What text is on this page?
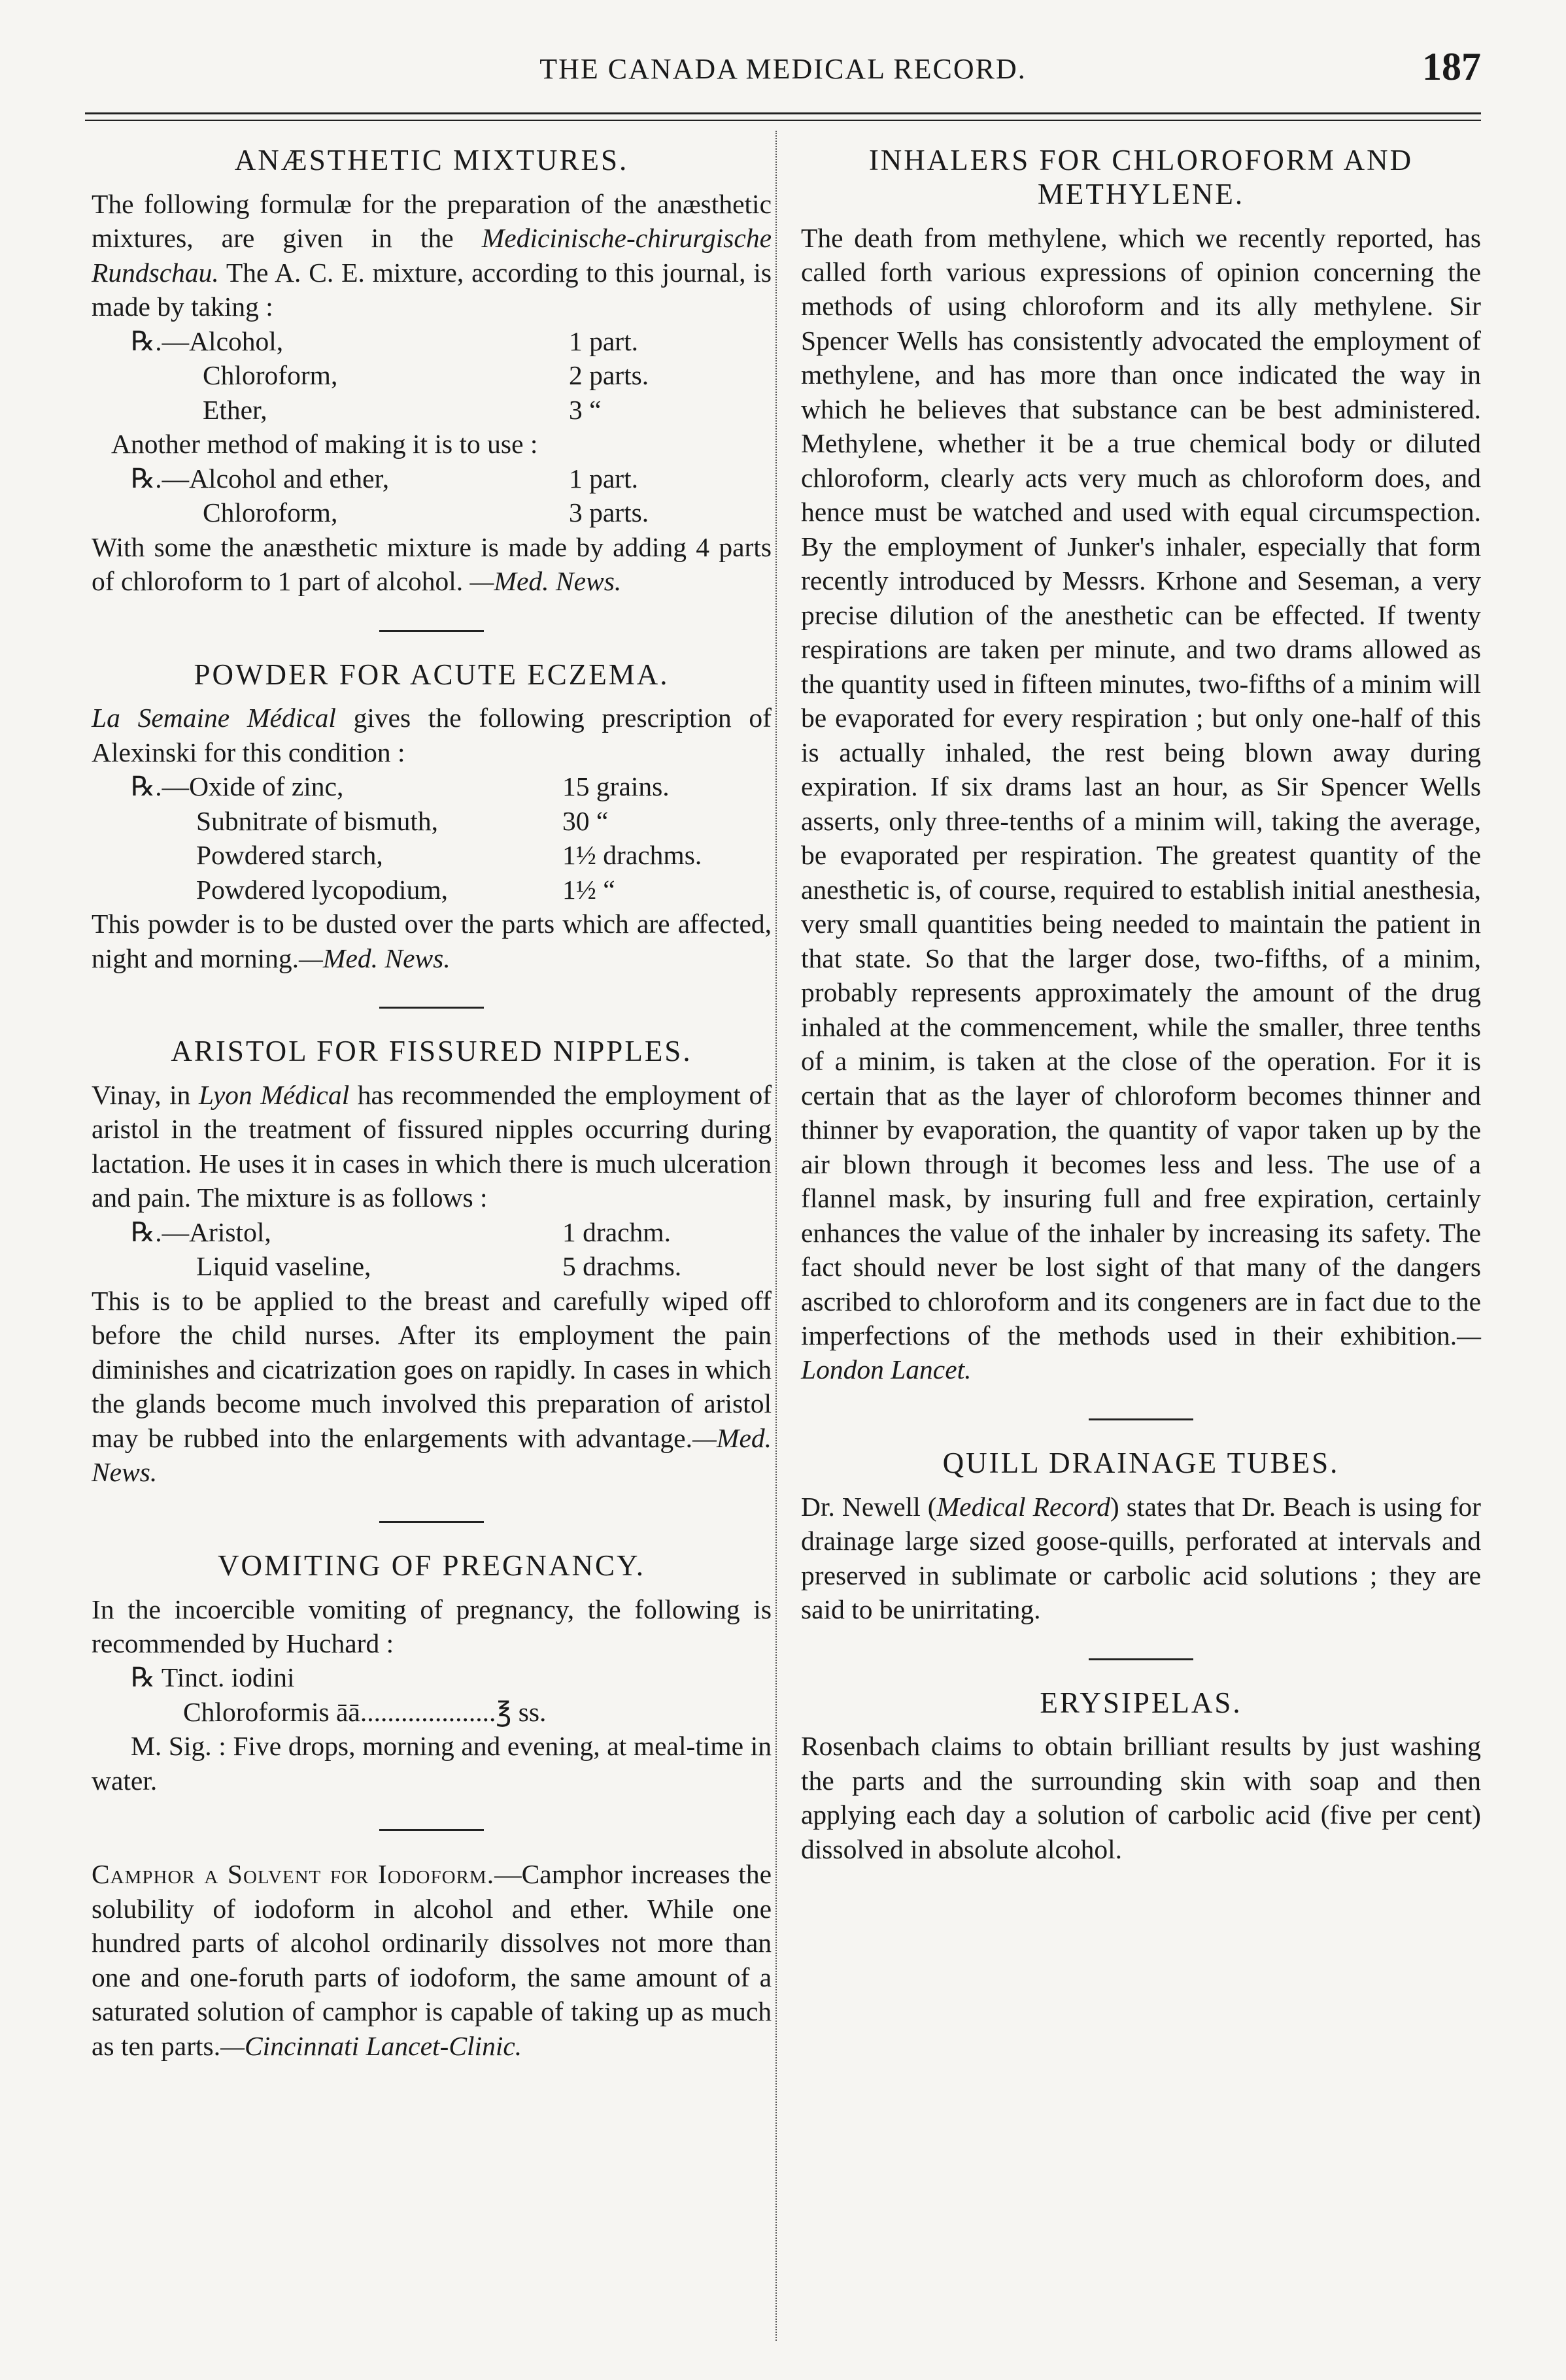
THE CANADA MEDICAL RECORD.	187
ANÆSTHETIC MIXTURES.

The following formulæ for the preparation of the anæsthetic mixtures, are given in the Medicinische-chirurgische Rundschau. The A. C. E. mixture, according to this journal, is made by taking :

℞.—Alcohol,	1 part.
Chloroform,	2 parts.
Ether,	3 “

Another method of making it is to use :

℞.—Alcohol and ether,	1 part.
Chloroform,	3 parts.

With some the anæsthetic mixture is made by adding 4 parts of chloroform to 1 part of alcohol. —Med. News.

POWDER FOR ACUTE ECZEMA.

La Semaine Médical gives the following prescription of Alexinski for this condition :

℞.—Oxide of zinc,	15 grains.
Subnitrate of bismuth,	30 “
Powdered starch,	1½ drachms.
Powdered lycopodium,	1½ “

This powder is to be dusted over the parts which are affected, night and morning.—Med. News.

ARISTOL FOR FISSURED NIPPLES.

Vinay, in Lyon Médical has recommended the employment of aristol in the treatment of fissured nipples occurring during lactation. He uses it in cases in which there is much ulceration and pain. The mixture is as follows :

℞.—Aristol,	1 drachm.
Liquid vaseline,	5 drachms.

This is to be applied to the breast and carefully wiped off before the child nurses. After its employment the pain diminishes and cicatrization goes on rapidly. In cases in which the glands become much involved this preparation of aristol may be rubbed into the enlargements with advantage.—Med. News.

VOMITING OF PREGNANCY.

In the incoercible vomiting of pregnancy, the following is recommended by Huchard :

℞ Tinct. iodini

Chloroformis āā....................℥ ss.

M. Sig. : Five drops, morning and evening, at meal-time in water.

Camphor a Solvent for Iodoform.—Camphor increases the solubility of iodoform in alcohol and ether. While one hundred parts of alcohol ordinarily dissolves not more than one and one-foruth parts of iodoform, the same amount of a saturated solution of camphor is capable of taking up as much as ten parts.—Cincinnati Lancet-Clinic.

INHALERS FOR CHLOROFORM AND METHYLENE.

The death from methylene, which we recently reported, has called forth various expressions of opinion concerning the methods of using chloroform and its ally methylene. Sir Spencer Wells has consistently advocated the employment of methylene, and has more than once indicated the way in which he believes that substance can be best administered. Methylene, whether it be a true chemical body or diluted chloroform, clearly acts very much as chloroform does, and hence must be watched and used with equal circumspection. By the employment of Junker's inhaler, especially that form recently introduced by Messrs. Krhone and Seseman, a very precise dilution of the anesthetic can be effected. If twenty respirations are taken per minute, and two drams allowed as the quantity used in fifteen minutes, two-fifths of a minim will be evaporated for every respiration ; but only one-half of this is actually inhaled, the rest being blown away during expiration. If six drams last an hour, as Sir Spencer Wells asserts, only three-tenths of a minim will, taking the average, be evaporated per respiration. The greatest quantity of the anesthetic is, of course, required to establish initial anesthesia, very small quantities being needed to maintain the patient in that state. So that the larger dose, two-fifths, of a minim, probably represents approximately the amount of the drug inhaled at the commencement, while the smaller, three tenths of a minim, is taken at the close of the operation. For it is certain that as the layer of chloroform becomes thinner and thinner by evaporation, the quantity of vapor taken up by the air blown through it becomes less and less. The use of a flannel mask, by insuring full and free expiration, certainly enhances the value of the inhaler by increasing its safety. The fact should never be lost sight of that many of the dangers ascribed to chloroform and its congeners are in fact due to the imperfections of the methods used in their exhibition.—London Lancet.

QUILL DRAINAGE TUBES.

Dr. Newell (Medical Record) states that Dr. Beach is using for drainage large sized goose-quills, perforated at intervals and preserved in sublimate or carbolic acid solutions ; they are said to be unirritating.

ERYSIPELAS.

Rosenbach claims to obtain brilliant results by just washing the parts and the surrounding skin with soap and then applying each day a solution of carbolic acid (five per cent) dissolved in absolute alcohol.
